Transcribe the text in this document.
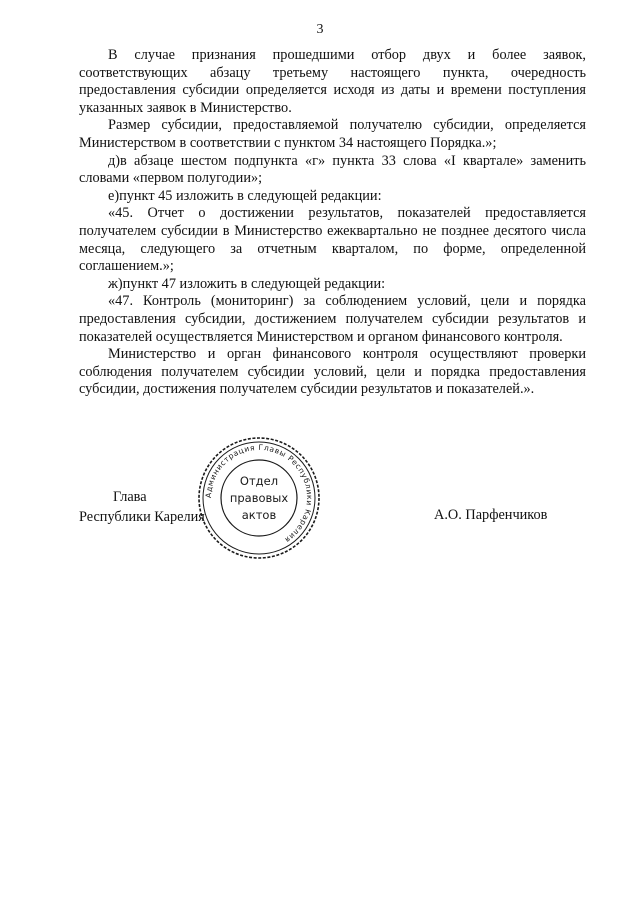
3

В случае признания прошедшими отбор двух и более заявок, соответствующих абзацу третьему настоящего пункта, очередность предоставления субсидии определяется исходя из даты и времени поступления указанных заявок в Министерство.

Размер субсидии, предоставляемой получателю субсидии, определяется Министерством в соответствии с пунктом 34 настоящего Порядка.»;

д)в абзаце шестом подпункта «г» пункта 33 слова «I квартале» заменить словами «первом полугодии»;

е)пункт 45 изложить в следующей редакции:

«45. Отчет о достижении результатов, показателей предоставляется получателем субсидии в Министерство ежеквартально не позднее десятого числа месяца, следующего за отчетным кварталом, по форме, определенной соглашением.»;

ж)пункт 47 изложить в следующей редакции:

«47. Контроль (мониторинг) за соблюдением условий, цели и порядка предоставления субсидии, достижением получателем субсидии результатов и показателей осуществляется Министерством и органом финансового контроля.

Министерство и орган финансового контроля осуществляют проверки соблюдения получателем субсидии условий, цели и порядка предоставления субсидии, достижения получателем субсидии результатов и показателей.».

Глава
Республики Карелия	А.О. Парфенчиков
Администрация Главы Республики Карелия
Отдел
правовых
актов
